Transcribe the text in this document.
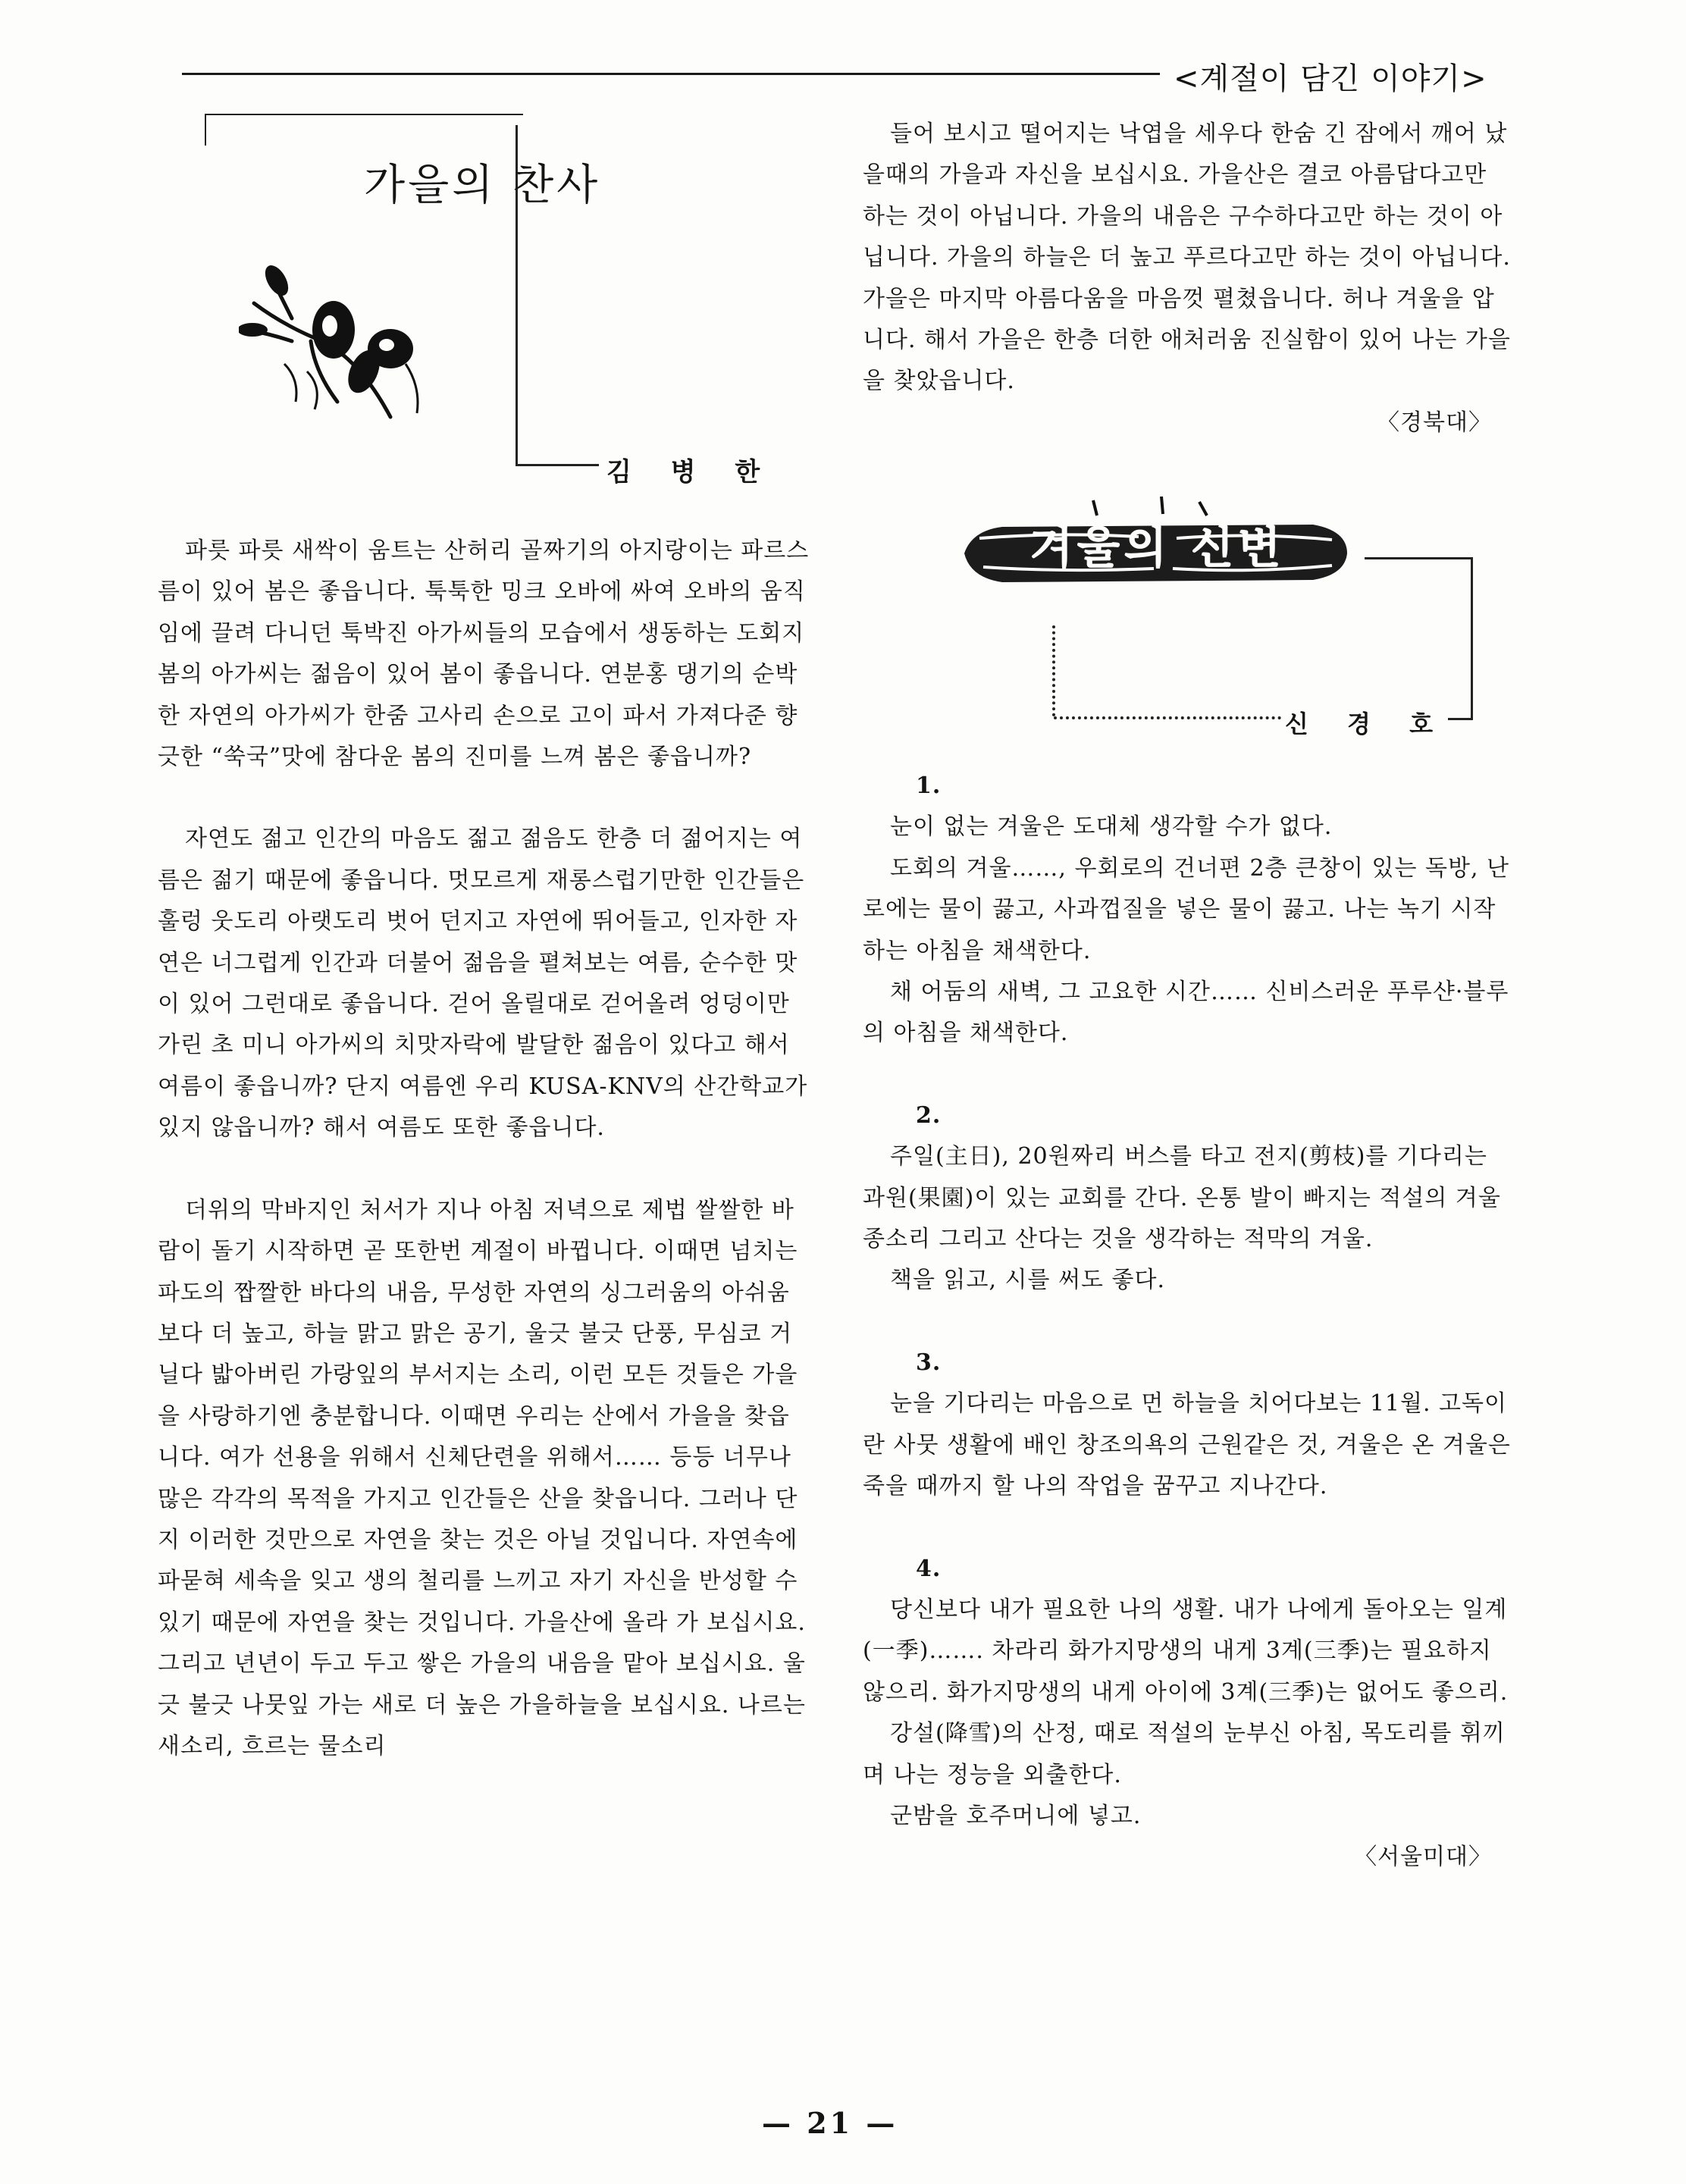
<계절이 담긴 이야기>
가을의 찬사
김 병 한

파릇 파릇 새싹이 움트는 산허리 골짜기의 아지랑이는 파르스름이 있어 봄은 좋읍니다. 툭툭한 밍크 오바에 싸여 오바의 움직임에 끌려 다니던 툭박진 아가씨들의 모습에서 생동하는 도회지 봄의 아가씨는 젊음이 있어 봄이 좋읍니다. 연분홍 댕기의 순박한 자연의 아가씨가 한줌 고사리 손으로 고이 파서 가져다준 향긋한 “쑥국”맛에 참다운 봄의 진미를 느껴 봄은 좋읍니까?

자연도 젊고 인간의 마음도 젊고 젊음도 한층 더 젊어지는 여름은 젊기 때문에 좋읍니다. 멋모르게 재롱스럽기만한 인간들은 훌렁 웃도리 아랫도리 벗어 던지고 자연에 뛰어들고, 인자한 자연은 너그럽게 인간과 더불어 젊음을 펼쳐보는 여름, 순수한 맛이 있어 그런대로 좋읍니다. 걷어 올릴대로 걷어올려 엉덩이만 가린 초 미니 아가씨의 치맛자락에 발달한 젊음이 있다고 해서 여름이 좋읍니까? 단지 여름엔 우리 KUSA-KNV의 산간학교가 있지 않읍니까? 해서 여름도 또한 좋읍니다.

더위의 막바지인 처서가 지나 아침 저녁으로 제법 쌀쌀한 바람이 돌기 시작하면 곧 또한번 계절이 바뀝니다. 이때면 넘치는 파도의 짭짤한 바다의 내음, 무성한 자연의 싱그러움의 아쉬움보다 더 높고, 하늘 맑고 맑은 공기, 울긋 불긋 단풍, 무심코 거닐다 밟아버린 가랑잎의 부서지는 소리, 이런 모든 것들은 가을을 사랑하기엔 충분합니다. 이때면 우리는 산에서 가을을 찾읍니다. 여가 선용을 위해서 신체단련을 위해서…… 등등 너무나 많은 각각의 목적을 가지고 인간들은 산을 찾읍니다. 그러나 단지 이러한 것만으로 자연을 찾는 것은 아닐 것입니다. 자연속에 파묻혀 세속을 잊고 생의 철리를 느끼고 자기 자신을 반성할 수 있기 때문에 자연을 찾는 것입니다. 가을산에 올라 가 보십시요. 그리고 년년이 두고 두고 쌓은 가을의 내음을 맡아 보십시요. 울긋 불긋 나뭇잎 가는 새로 더 높은 가을하늘을 보십시요. 나르는 새소리, 흐르는 물소리

들어 보시고 떨어지는 낙엽을 세우다 한숨 긴 잠에서 깨어 났을때의 가을과 자신을 보십시요. 가을산은 결코 아름답다고만 하는 것이 아닙니다. 가을의 내음은 구수하다고만 하는 것이 아닙니다. 가을의 하늘은 더 높고 푸르다고만 하는 것이 아닙니다. 가을은 마지막 아름다움을 마음껏 펼쳤읍니다. 허나 겨울을 압니다. 해서 가을은 한층 더한 애처러움 진실함이 있어 나는 가을을 찾았읍니다.

〈경북대〉
겨울의 신변
신 경 호
1.

눈이 없는 겨울은 도대체 생각할 수가 없다.

도회의 겨울……, 우회로의 건너편 2층 큰창이 있는 독방, 난로에는 물이 끓고, 사과껍질을 넣은 물이 끓고. 나는 녹기 시작하는 아침을 채색한다.

채 어둠의 새벽, 그 고요한 시간…… 신비스러운 푸루샨·블루의 아침을 채색한다.

2.

주일(主日), 20원짜리 버스를 타고 전지(剪枝)를 기다리는 과원(果園)이 있는 교회를 간다. 온통 발이 빠지는 적설의 겨울 종소리 그리고 산다는 것을 생각하는 적막의 겨울.

책을 읽고, 시를 써도 좋다.

3.

눈을 기다리는 마음으로 먼 하늘을 치어다보는 11월. 고독이란 사뭇 생활에 배인 창조의욕의 근원같은 것, 겨울은 온 겨울은 죽을 때까지 할 나의 작업을 꿈꾸고 지나간다.

4.

당신보다 내가 필요한 나의 생활. 내가 나에게 돌아오는 일계(一季)……. 차라리 화가지망생의 내게 3계(三季)는 필요하지 않으리. 화가지망생의 내게 아이에 3계(三季)는 없어도 좋으리.

강설(降雪)의 산정, 때로 적설의 눈부신 아침, 목도리를 휘끼며 나는 정능을 외출한다.

군밤을 호주머니에 넣고.

〈서울미대〉
— 21 —
